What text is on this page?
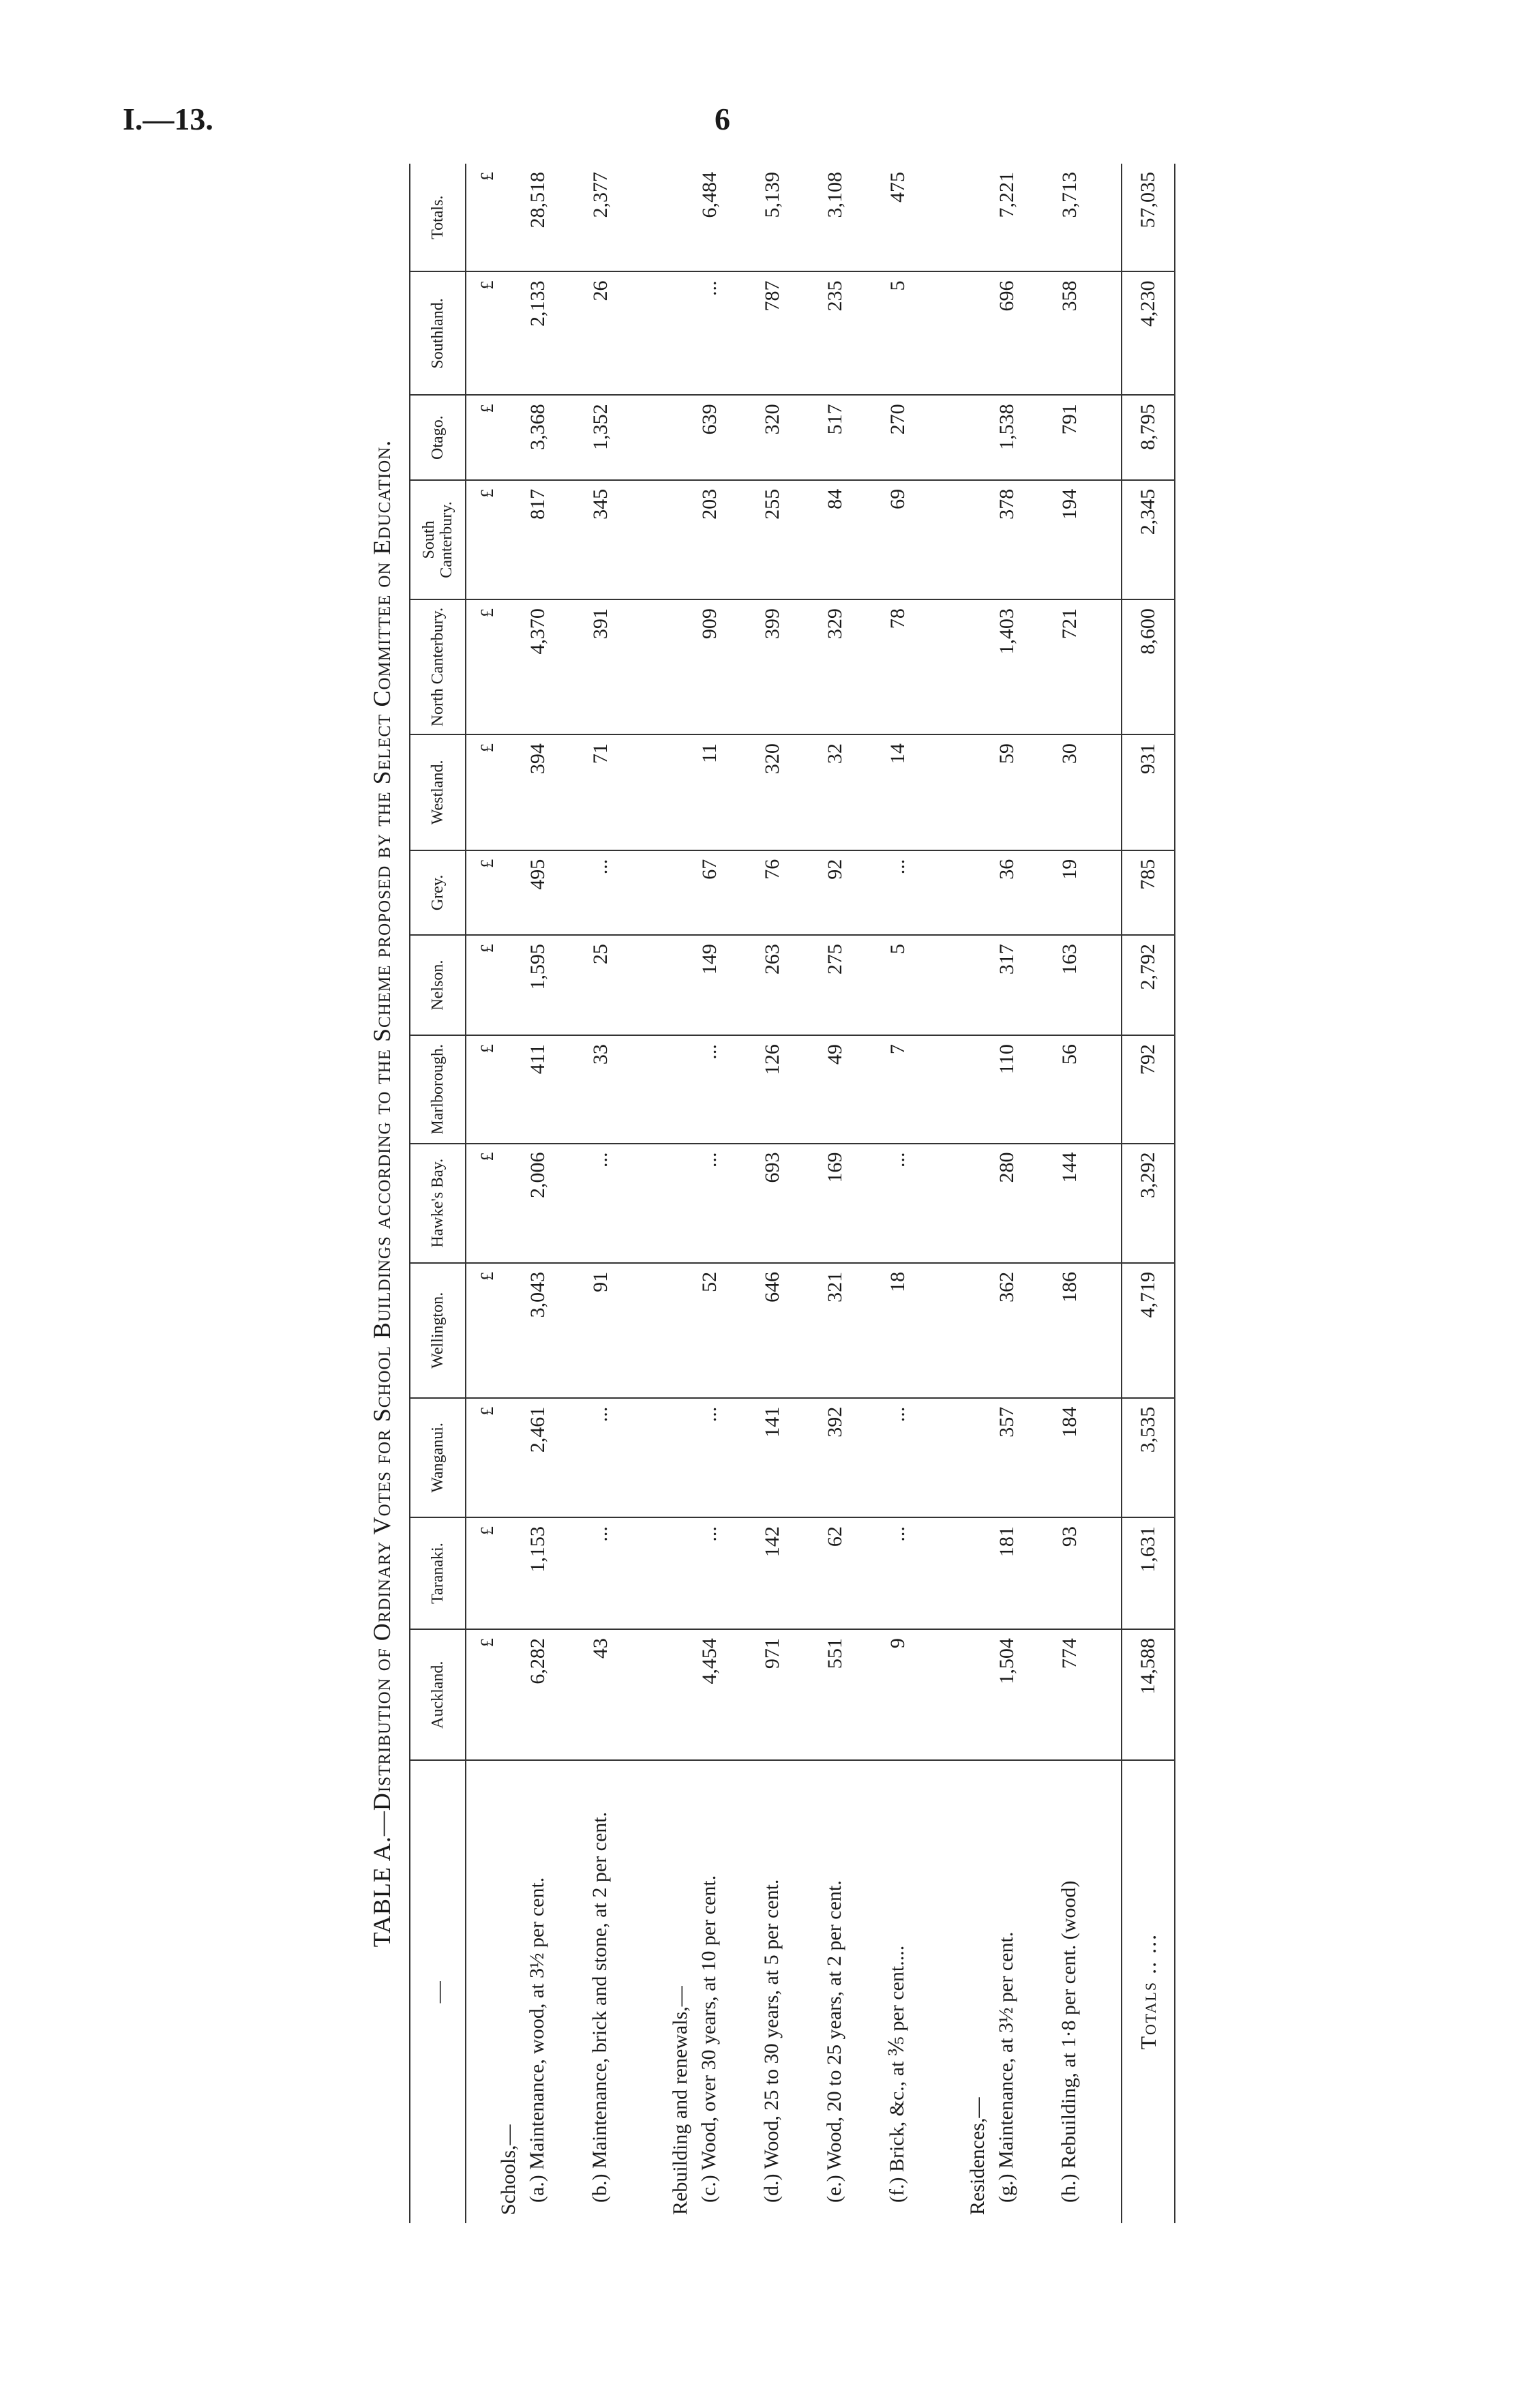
I.—13.	6
TABLE A.—Distribution of Ordinary Votes for School Buildings according to the Scheme proposed by the Select Committee on Education.
—	Auckland.	Taranaki.	Wanganui.	Wellington.	Hawke's Bay.	Marlborough.	Nelson.	Grey.	Westland.	North Canterbury.	South Canterbury.	Otago.	Southland.	Totals.
	£	£	£	£	£	£	£	£	£	£	£	£	£	£

Schools,—														

(a.) Maintenance, wood, at 3½ per cent.	6,282	1,153	2,461	3,043	2,006	411	1,595	495	394	4,370	817	3,368	2,133	28,518

(b.) Maintenance, brick and stone, at 2 per cent.	43	...	...	91	...	33	25	...	71	391	345	1,352	26	2,377

Rebuilding and renewals,—														

(c.) Wood, over 30 years, at 10 per cent.	4,454	...	...	52	...	...	149	67	11	909	203	639	...	6,484

(d.) Wood, 25 to 30 years, at 5 per cent.	971	142	141	646	693	126	263	76	320	399	255	320	787	5,139

(e.) Wood, 20 to 25 years, at 2 per cent.	551	62	392	321	169	49	275	92	32	329	84	517	235	3,108

(f.) Brick, &c., at ⅗ per cent....	9	...	...	18	...	7	5	...	14	78	69	270	5	475

Residences,—														

(g.) Maintenance, at 3½ per cent.	1,504	181	357	362	280	110	317	36	59	1,403	378	1,538	696	7,221

(h.) Rebuilding, at 1·8 per cent. (wood)	774	93	184	186	144	56	163	19	30	721	194	791	358	3,713
Totals .. ...	14,588	1,631	3,535	4,719	3,292	792	2,792	785	931	8,600	2,345	8,795	4,230	57,035
